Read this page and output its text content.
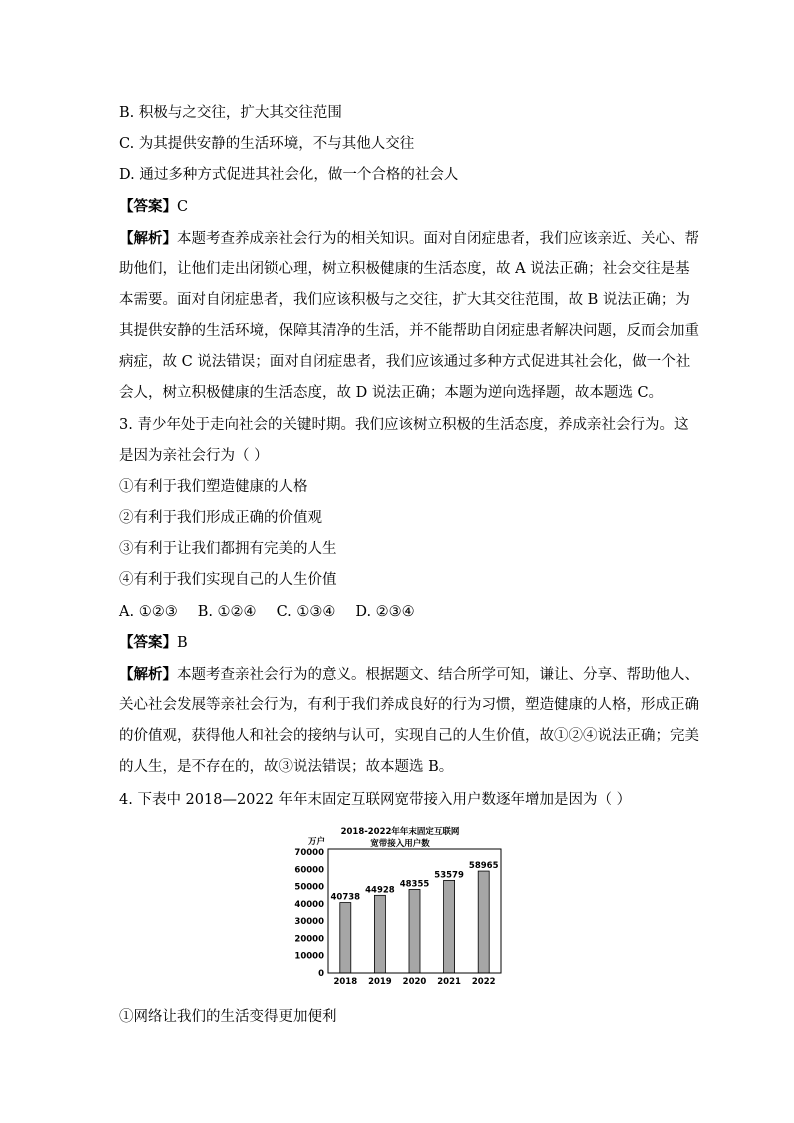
B. 积极与之交往，扩大其交往范围
C. 为其提供安静的生活环境，不与其他人交往
D. 通过多种方式促进其社会化，做一个合格的社会人
【答案】C
【解析】本题考查养成亲社会行为的相关知识。面对自闭症患者，我们应该亲近、关心、帮
助他们，让他们走出闭锁心理，树立积极健康的生活态度，故 A 说法正确；社会交往是基
本需要。面对自闭症患者，我们应该积极与之交往，扩大其交往范围，故 B 说法正确；为
其提供安静的生活环境，保障其清净的生活，并不能帮助自闭症患者解决问题，反而会加重
病症，故 C 说法错误；面对自闭症患者，我们应该通过多种方式促进其社会化，做一个社
会人，树立积极健康的生活态度，故 D 说法正确；本题为逆向选择题，故本题选 C。
3. 青少年处于走向社会的关键时期。我们应该树立积极的生活态度，养成亲社会行为。这
是因为亲社会行为（ ）
①有利于我们塑造健康的人格
②有利于我们形成正确的价值观
③有利于让我们都拥有完美的人生
④有利于我们实现自己的人生价值
A. ①②③ B. ①②④ C. ①③④ D. ②③④
【答案】B
【解析】本题考查亲社会行为的意义。根据题文、结合所学可知，谦让、分享、帮助他人、
关心社会发展等亲社会行为，有利于我们养成良好的行为习惯，塑造健康的人格，形成正确
的价值观，获得他人和社会的接纳与认可，实现自己的人生价值，故①②④说法正确；完美
的人生，是不存在的，故③说法错误；故本题选 B。
4. 下表中 2018—2022 年年末固定互联网宽带接入用户数逐年增加是因为（ ）
2018-2022年年末固定互联网
宽带接入用户数
万户
0
10000
20000
30000
40000
50000
60000
70000
40738
2018
44928
2019
48355
2020
53579
2021
58965
2022
①网络让我们的生活变得更加便利
